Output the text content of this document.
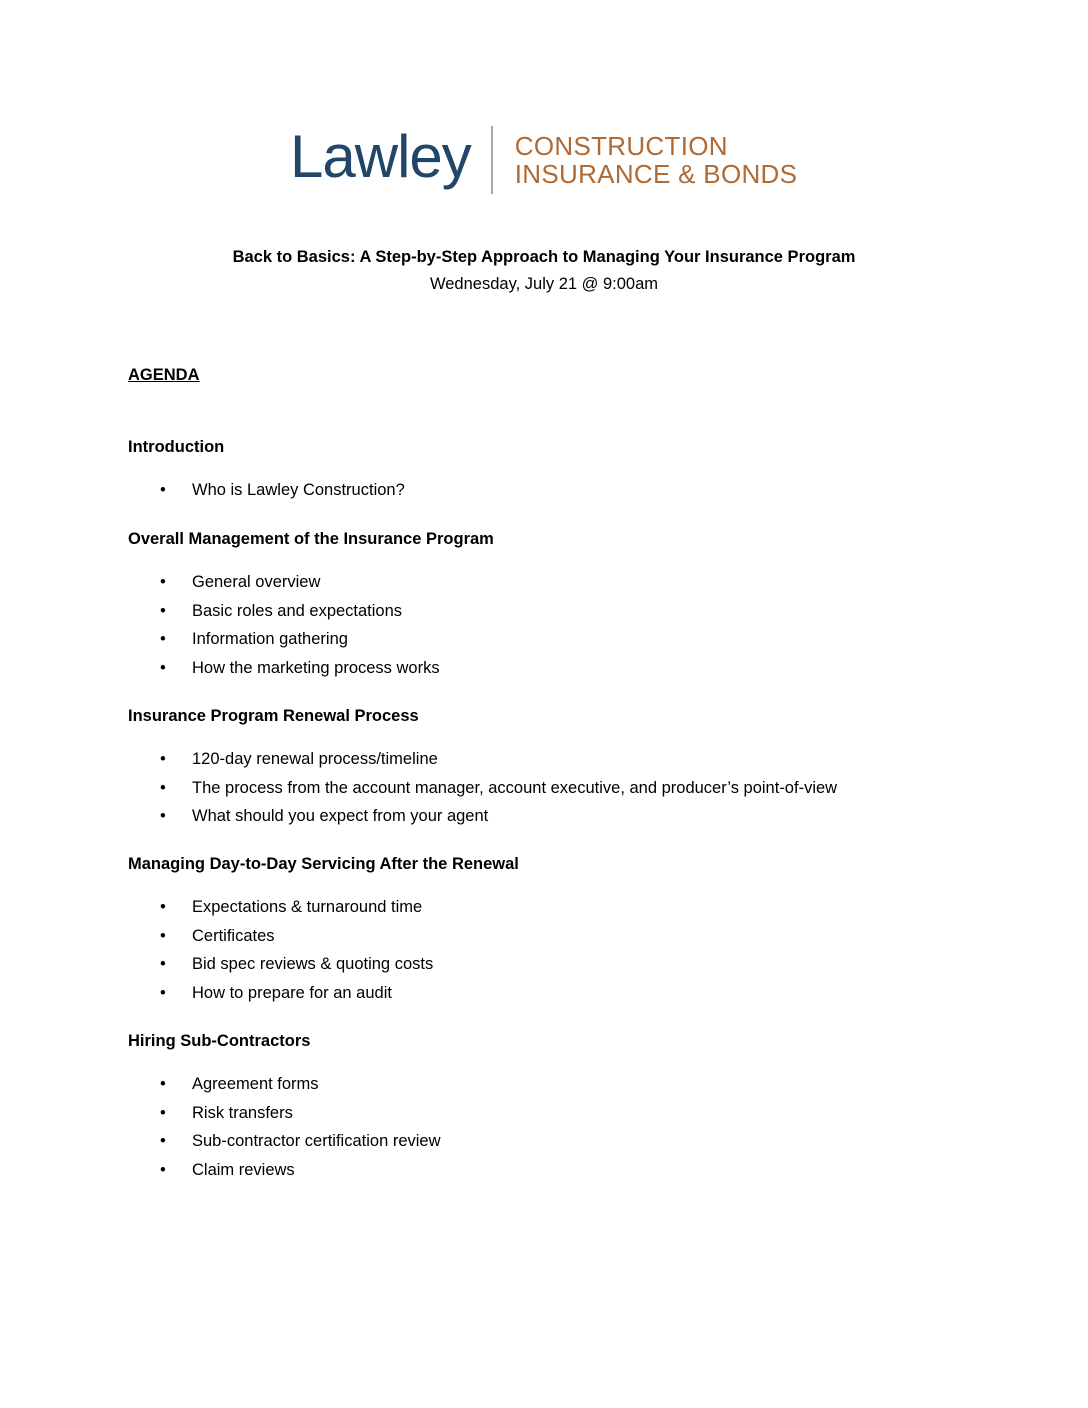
Lawley CONSTRUCTION
INSURANCE & BONDS
Back to Basics: A Step-by-Step Approach to Managing Your Insurance Program
Wednesday, July 21 @ 9:00am
AGENDA

Introduction

• Who is Lawley Construction?

Overall Management of the Insurance Program

• General overview
• Basic roles and expectations
• Information gathering
• How the marketing process works

Insurance Program Renewal Process

• 120-day renewal process/timeline
• The process from the account manager, account executive, and producer’s point-of-view
• What should you expect from your agent

Managing Day-to-Day Servicing After the Renewal

• Expectations & turnaround time
• Certificates
• Bid spec reviews & quoting costs
• How to prepare for an audit

Hiring Sub-Contractors

• Agreement forms
• Risk transfers
• Sub-contractor certification review
• Claim reviews
